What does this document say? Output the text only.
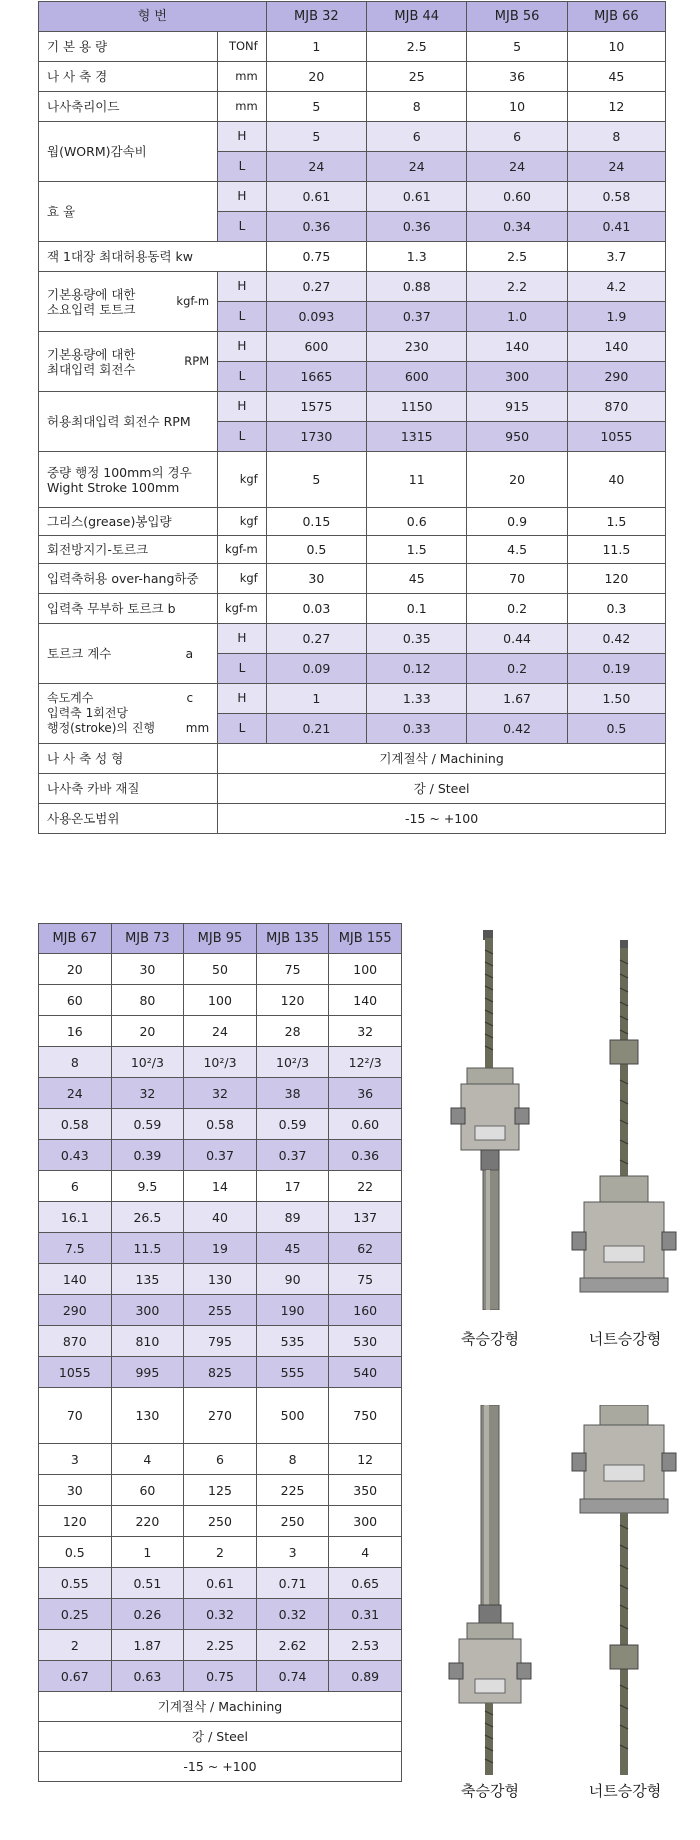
형 번		MJB 32	MJB 44	MJB 56	MJB 66
기 본 용 량	TONf	1	2.5	5	10
나 사 축 경	mm	20	25	36	45
나사축리이드	mm	5	8	10	12
웜(WORM)감속비	H	5	6	6	8
	L	24	24	24	24
효 율	H	0.61	0.61	0.60	0.58
	L	0.36	0.36	0.34	0.41
잭 1대장 최대허용동력 kw		0.75	1.3	2.5	3.7

기본용량에 대한
소요입력 토트크
kgf-m	H	0.27	0.88	2.2	4.2
	L	0.093	0.37	1.0	1.9

기본용량에 대한
최대입력 회전수
RPM	H	600	230	140	140
	L	1665	600	300	290
허용최대입력 회전수 RPM	H	1575	1150	915	870
	L	1730	1315	950	1055

중량 행정 100mm의 경우
Wight Stroke 100mm	kgf	5	11	20	40
그리스(grease)봉입량	kgf	0.15	0.6	0.9	1.5
회전방지기-토르크	kgf-m	0.5	1.5	4.5	11.5
입력축허용 over-hang하중	kgf	30	45	70	120
입력축 무부하 토르크 b	kgf-m	0.03	0.1	0.2	0.3

토르크 계수 a	H	0.27	0.35	0.44	0.42
	L	0.09	0.12	0.2	0.19

속도계수 c
입력축 1회전당
행정(stroke)의 진행 mm	H	1	1.33	1.67	1.50
	L	0.21	0.33	0.42	0.5
나 사 축 성 형	기계절삭 / Machining				
나사축 카바 재질	강 / Steel				
사용온도범위	-15 ~ +100				
MJB 67	MJB 73	MJB 95	MJB 135	MJB 155
20	30	50	75	100
60	80	100	120	140
16	20	24	28	32
8	10²/3	10²/3	10²/3	12²/3
24	32	32	38	36
0.58	0.59	0.58	0.59	0.60
0.43	0.39	0.37	0.37	0.36
6	9.5	14	17	22
16.1	26.5	40	89	137
7.5	11.5	19	45	62
140	135	130	90	75
290	300	255	190	160
870	810	795	535	530
1055	995	825	555	540
70	130	270	500	750
3	4	6	8	12
30	60	125	225	350
120	220	250	250	300
0.5	1	2	3	4
0.55	0.51	0.61	0.71	0.65
0.25	0.26	0.32	0.32	0.31
2	1.87	2.25	2.62	2.53
0.67	0.63	0.75	0.74	0.89
기계절삭 / Machining				
강 / Steel				
-15 ~ +100				
축승강형	너트승강형
축승강형	너트승강형
